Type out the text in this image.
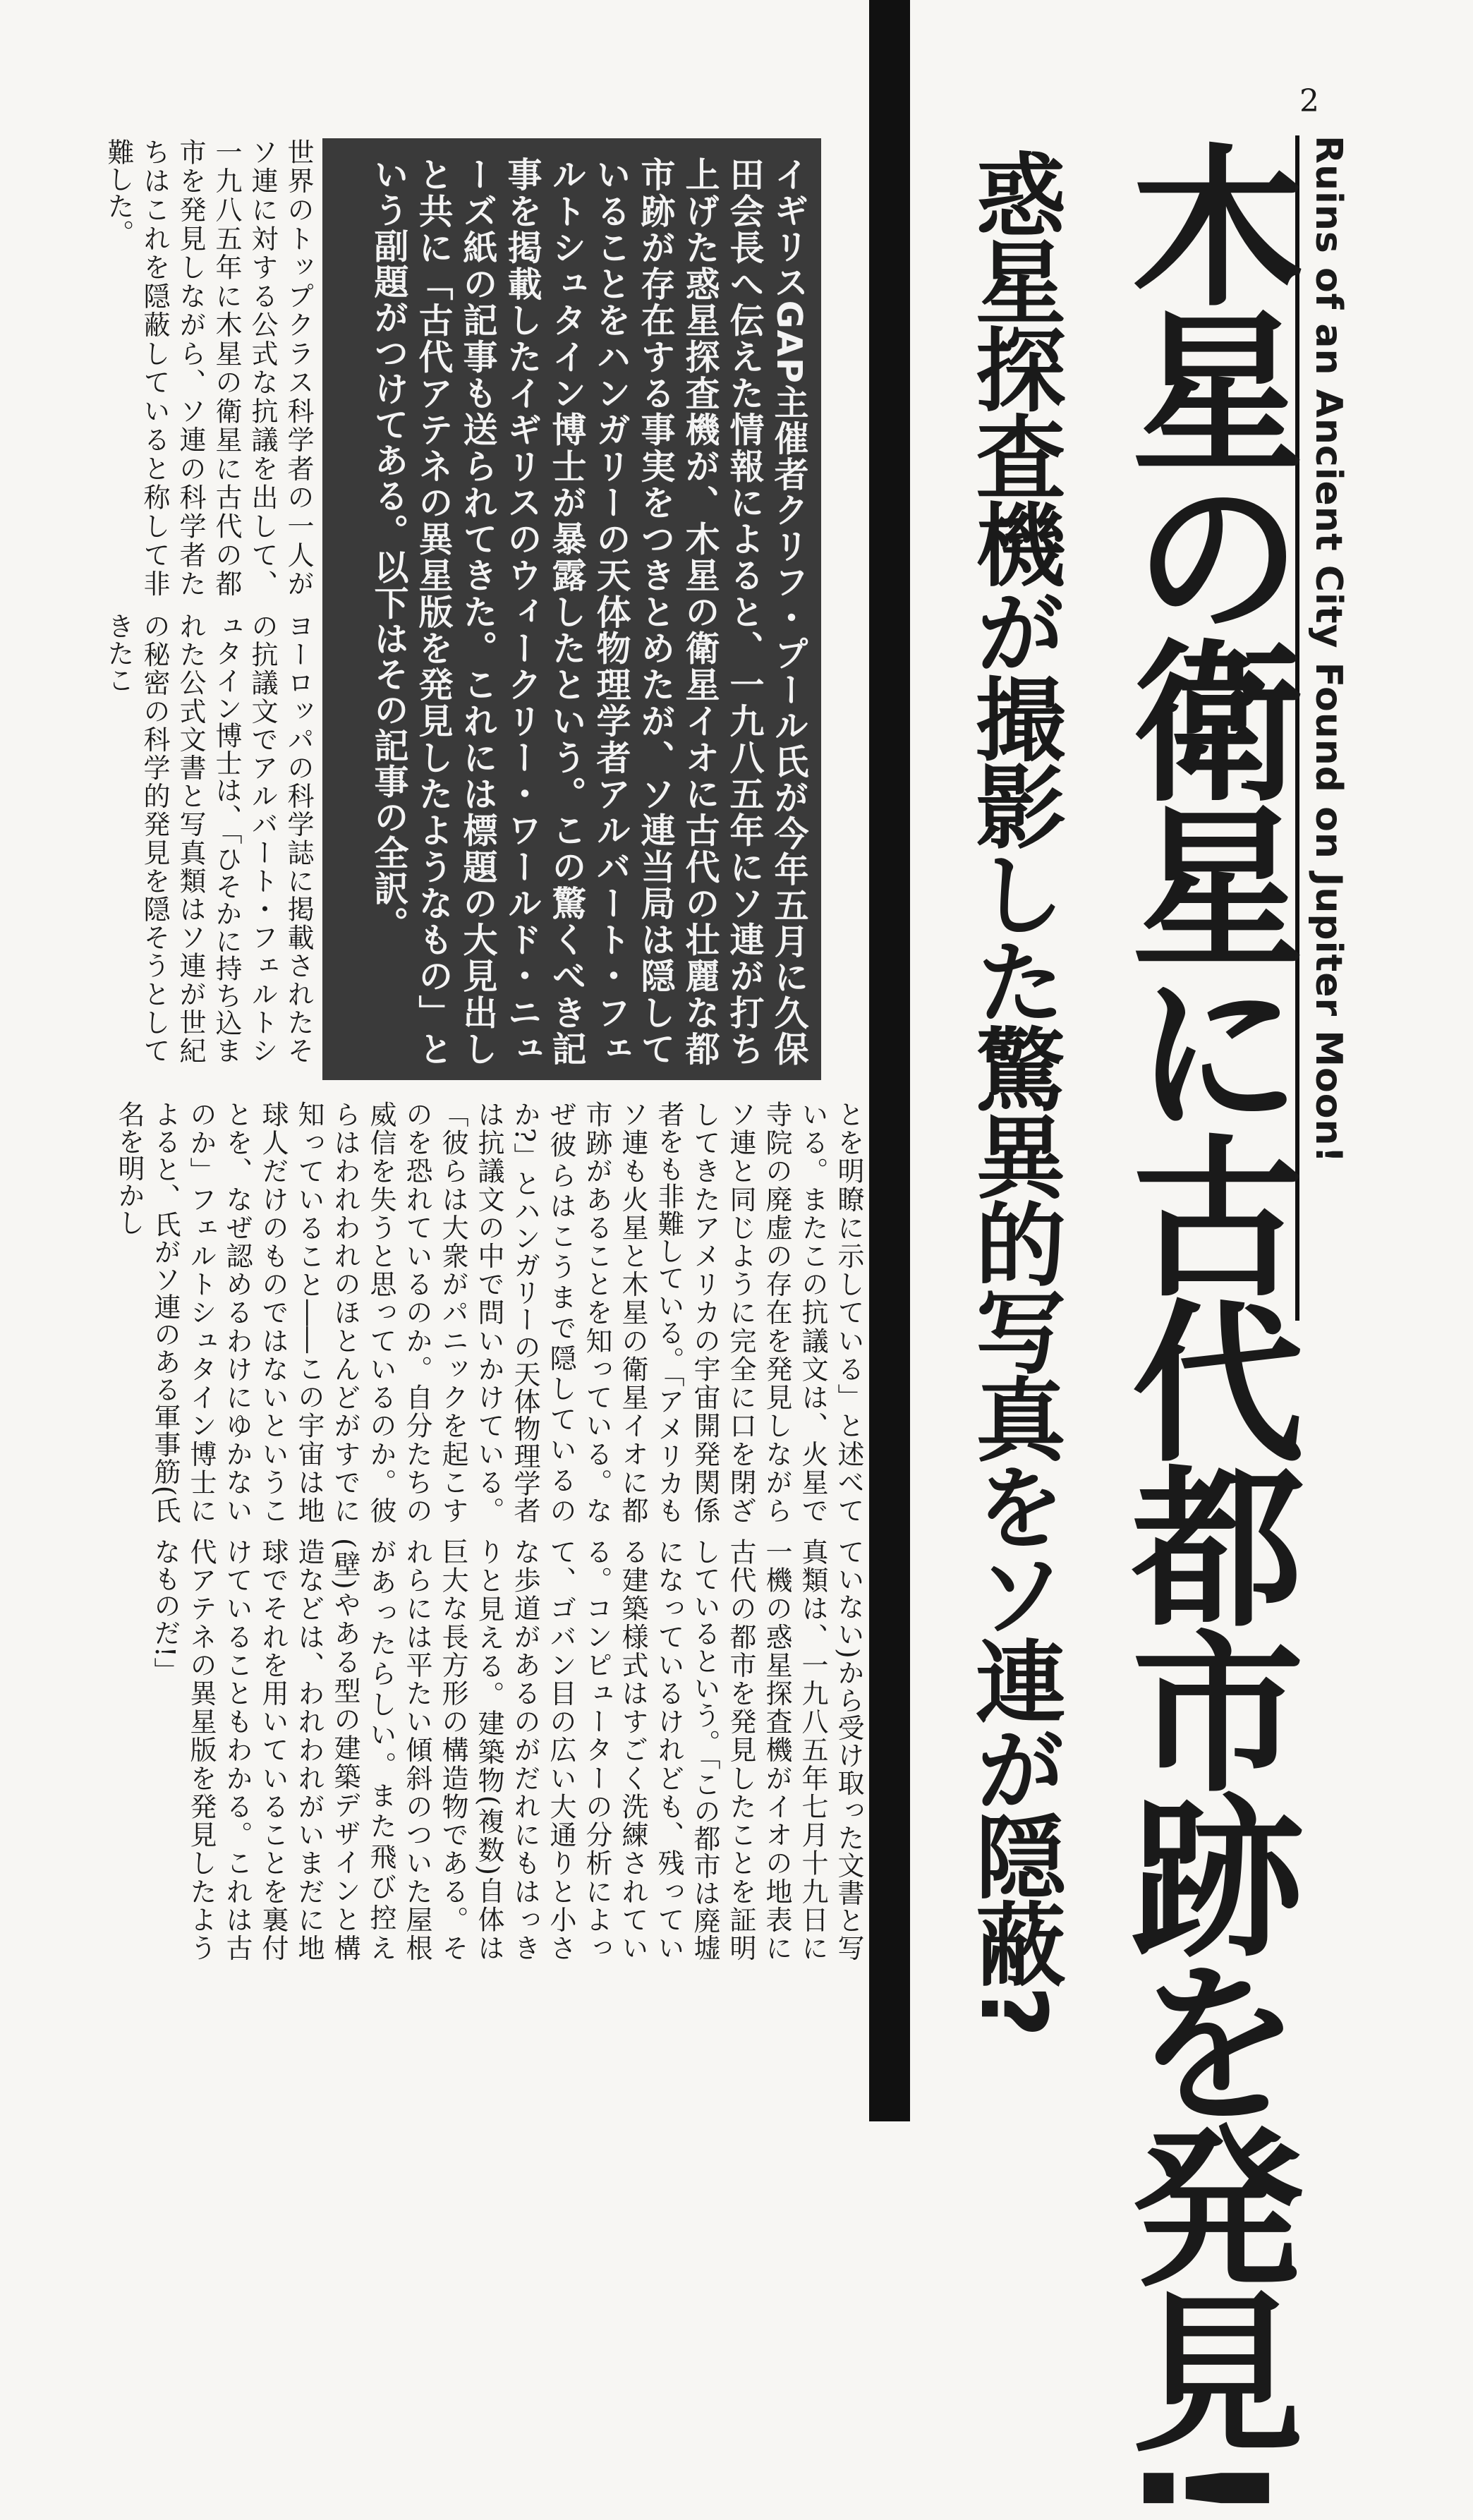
2
Ruins of an Ancient City Found on Jupiter Moon!
木星の衛星に古代都市跡を発見!
惑星探査機が撮影した驚異的写真をソ連が隠蔽?
イギリスGAP主催者クリフ・プール氏が今年五月に久保田会長へ伝えた情報によると、一九八五年にソ連が打ち上げた惑星探査機が、木星の衛星イオに古代の壮麗な都市跡が存在する事実をつきとめたが、ソ連当局は隠していることをハンガリーの天体物理学者アルバート・フェルトシュタイン博士が暴露したという。この驚くべき記事を掲載したイギリスのウィークリー・ワールド・ニューズ紙の記事も送られてきた。これには標題の大見出しと共に「古代アテネの異星版を発見したようなもの」という副題がつけてある。以下はその記事の全訳。
世界のトップクラス科学者の一人がソ連に対する公式な抗議を出して、一九八五年に木星の衛星に古代の都市を発見しながら、ソ連の科学者たちはこれを隠蔽していると称して非難した。
ヨーロッパの科学誌に掲載されたその抗議文でアルバート・フェルトシュタイン博士は、「ひそかに持ち込まれた公式文書と写真類はソ連が世紀の秘密の科学的発見を隠そうとしてきたこ
とを明瞭に示している」と述べている。またこの抗議文は、火星で寺院の廃虚の存在を発見しながらソ連と同じように完全に口を閉ざしてきたアメリカの宇宙開発関係者をも非難している。「アメリカもソ連も火星と木星の衛星イオに都市跡があることを知っている。なぜ彼らはこうまで隠しているのか?」とハンガリーの天体物理学者は抗議文の中で問いかけている。「彼らは大衆がパニックを起こすのを恐れているのか。自分たちの威信を失うと思っているのか。彼らはわれわれのほとんどがすでに知っていること――この宇宙は地球人だけのものではないということを、なぜ認めるわけにゆかないのか」フェルトシュタイン博士によると、氏がソ連のある軍事筋(氏名を明かし
ていない)から受け取った文書と写真類は、一九八五年七月十九日に一機の惑星探査機がイオの地表に古代の都市を発見したことを証明しているという。「この都市は廃墟になっているけれども、残っている建築様式はすごく洗練されている。コンピューターの分析によって、ゴバン目の広い大通りと小さな歩道があるのがだれにもはっきりと見える。建築物(複数)自体は巨大な長方形の構造物である。それらには平たい傾斜のついた屋根があったらしい。また飛び控え(壁)やある型の建築デザインと構造などは、われわれがいまだに地球でそれを用いていることを裏付けていることもわかる。これは古代アテネの異星版を発見したようなものだ!」
